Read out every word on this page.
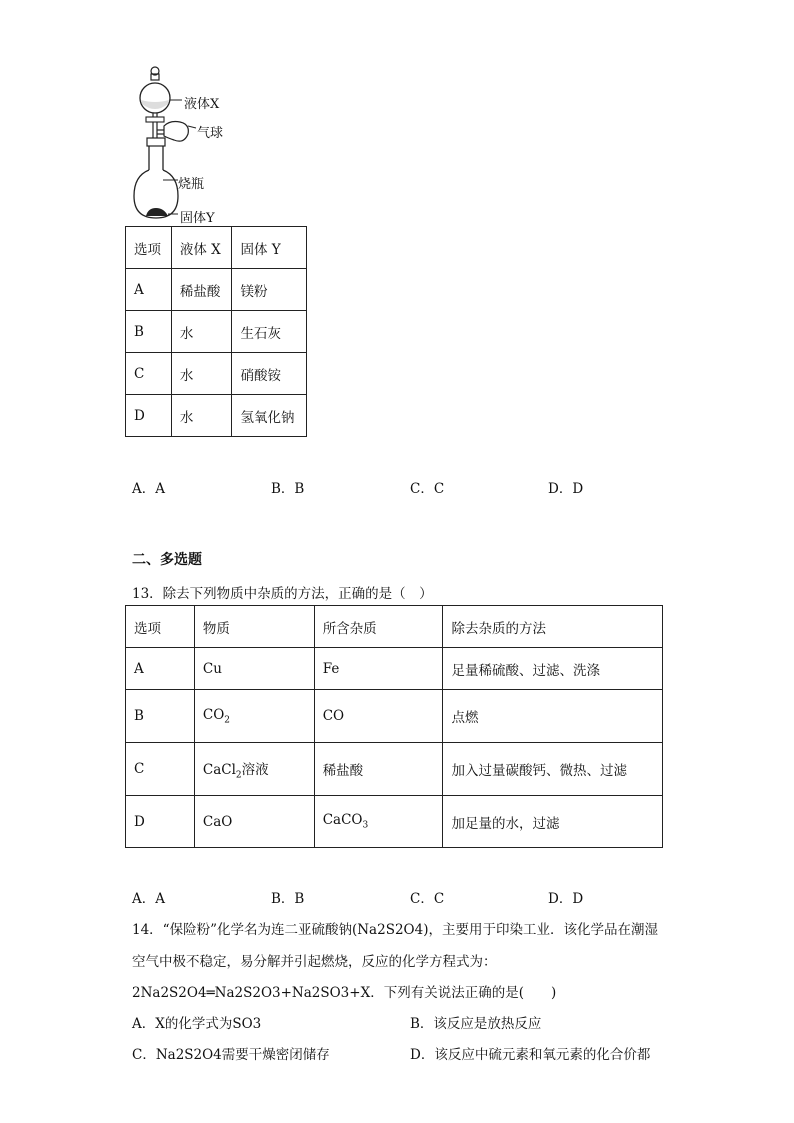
液体X
气球
烧瓶
固体Y
选项	液体 X	固体 Y
A	稀盐酸	镁粉
B	水	生石灰
C	水	硝酸铵
D	水	氢氧化钠
A．A	B．B	C．C	D．D
二、多选题
13．除去下列物质中杂质的方法，正确的是（　）
选项	物质	所含杂质	除去杂质的方法
A	Cu	Fe	足量稀硫酸、过滤、洗涤
B	$CO_2$	CO	点燃
C	CaCl$_2$溶液	稀盐酸	加入过量碳酸钙、微热、过滤
D	CaO	CaCO$_3$	加足量的水，过滤
A．A	B．B	C．C	D．D
14．“保险粉”化学名为连二亚硫酸钠(Na2S2O4)，主要用于印染工业．该化学品在潮湿
空气中极不稳定，易分解并引起燃烧，反应的化学方程式为：
2Na2S2O4═Na2S2O3+Na2SO3+X．下列有关说法正确的是(　　)
A．X的化学式为SO3	B．该反应是放热反应
C．Na2S2O4需要干燥密闭储存	D．该反应中硫元素和氧元素的化合价都
